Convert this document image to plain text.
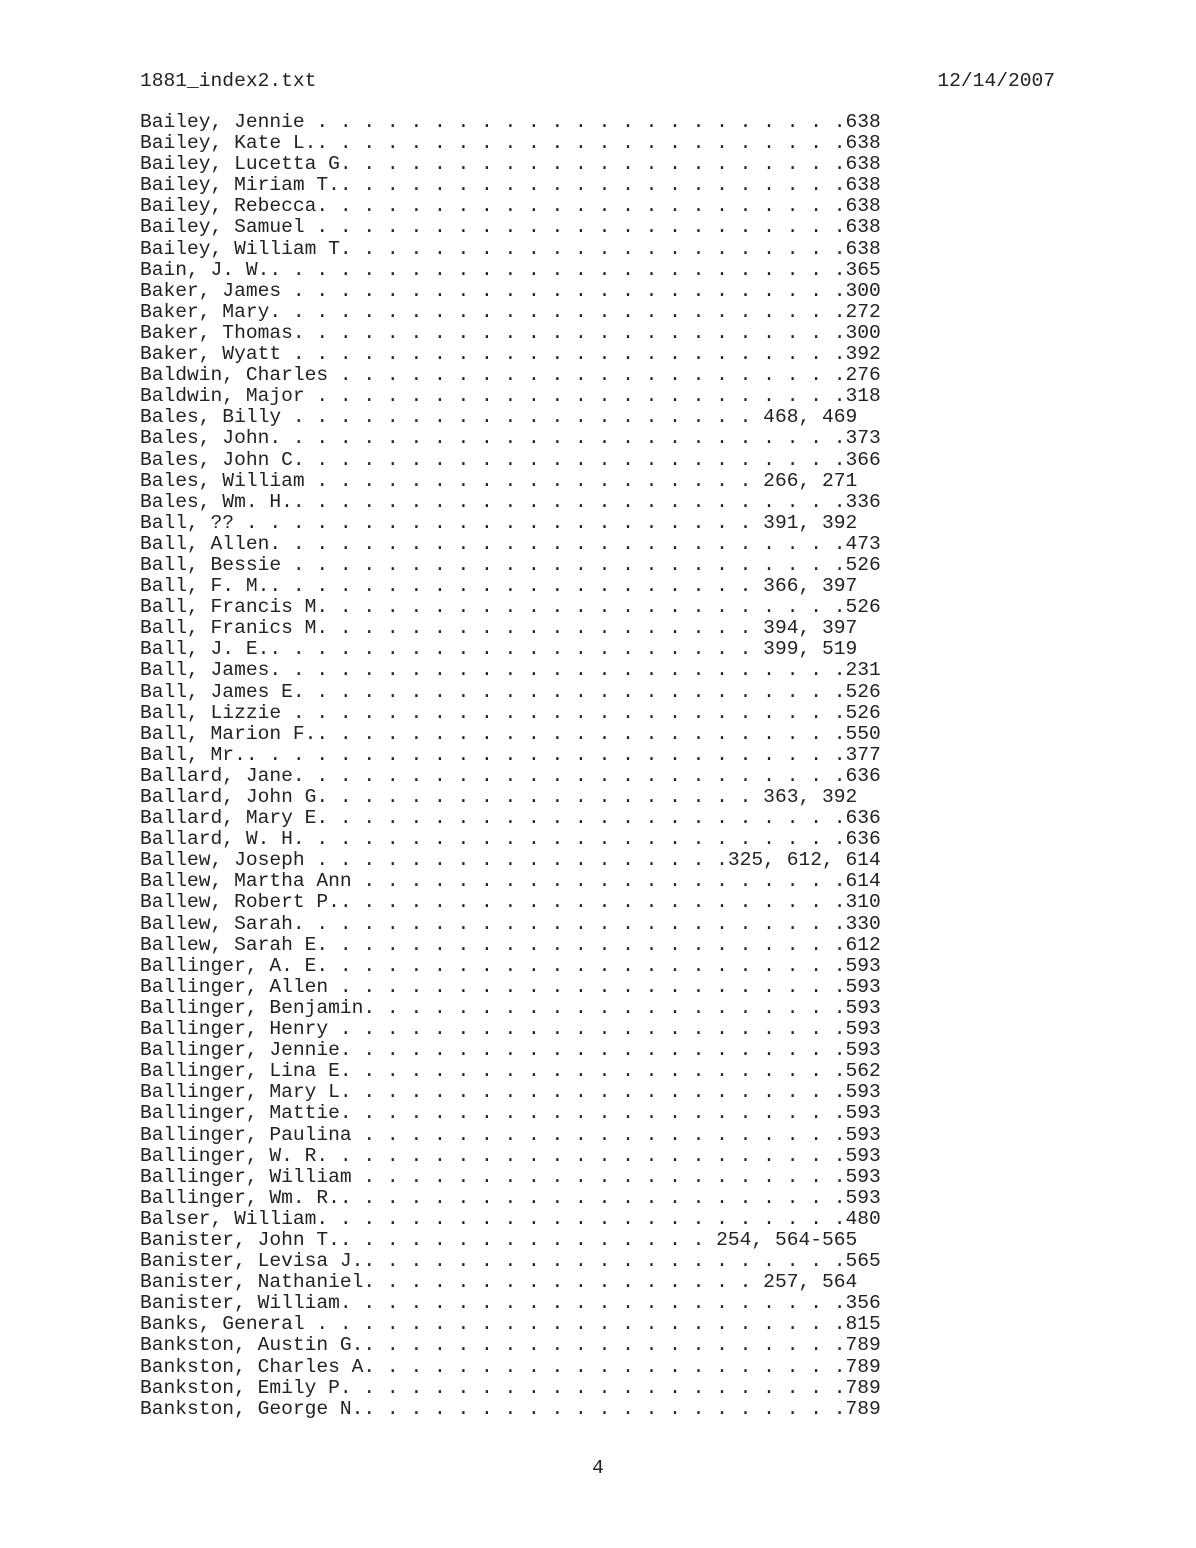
1881_index2.txt	12/14/2007
Bailey, Jennie . . . . . . . . . . . . . . . . . . . . . . .638
Bailey, Kate L.. . . . . . . . . . . . . . . . . . . . . . .638
Bailey, Lucetta G. . . . . . . . . . . . . . . . . . . . . .638
Bailey, Miriam T.. . . . . . . . . . . . . . . . . . . . . .638
Bailey, Rebecca. . . . . . . . . . . . . . . . . . . . . . .638
Bailey, Samuel . . . . . . . . . . . . . . . . . . . . . . .638
Bailey, William T. . . . . . . . . . . . . . . . . . . . . .638
Bain, J. W.. . . . . . . . . . . . . . . . . . . . . . . . .365
Baker, James . . . . . . . . . . . . . . . . . . . . . . . .300
Baker, Mary. . . . . . . . . . . . . . . . . . . . . . . . .272
Baker, Thomas. . . . . . . . . . . . . . . . . . . . . . . .300
Baker, Wyatt . . . . . . . . . . . . . . . . . . . . . . . .392
Baldwin, Charles . . . . . . . . . . . . . . . . . . . . . .276
Baldwin, Major . . . . . . . . . . . . . . . . . . . . . . .318
Bales, Billy . . . . . . . . . . . . . . . . . . . . 468, 469
Bales, John. . . . . . . . . . . . . . . . . . . . . . . . .373
Bales, John C. . . . . . . . . . . . . . . . . . . . . . . .366
Bales, William . . . . . . . . . . . . . . . . . . . 266, 271
Bales, Wm. H.. . . . . . . . . . . . . . . . . . . . . . . .336
Ball, ?? . . . . . . . . . . . . . . . . . . . . . . 391, 392
Ball, Allen. . . . . . . . . . . . . . . . . . . . . . . . .473
Ball, Bessie . . . . . . . . . . . . . . . . . . . . . . . .526
Ball, F. M.. . . . . . . . . . . . . . . . . . . . . 366, 397
Ball, Francis M. . . . . . . . . . . . . . . . . . . . . . .526
Ball, Franics M. . . . . . . . . . . . . . . . . . . 394, 397
Ball, J. E.. . . . . . . . . . . . . . . . . . . . . 399, 519
Ball, James. . . . . . . . . . . . . . . . . . . . . . . . .231
Ball, James E. . . . . . . . . . . . . . . . . . . . . . . .526
Ball, Lizzie . . . . . . . . . . . . . . . . . . . . . . . .526
Ball, Marion F.. . . . . . . . . . . . . . . . . . . . . . .550
Ball, Mr.. . . . . . . . . . . . . . . . . . . . . . . . . .377
Ballard, Jane. . . . . . . . . . . . . . . . . . . . . . . .636
Ballard, John G. . . . . . . . . . . . . . . . . . . 363, 392
Ballard, Mary E. . . . . . . . . . . . . . . . . . . . . . .636
Ballard, W. H. . . . . . . . . . . . . . . . . . . . . . . .636
Ballew, Joseph . . . . . . . . . . . . . . . . . .325, 612, 614
Ballew, Martha Ann . . . . . . . . . . . . . . . . . . . . .614
Ballew, Robert P.. . . . . . . . . . . . . . . . . . . . . .310
Ballew, Sarah. . . . . . . . . . . . . . . . . . . . . . . .330
Ballew, Sarah E. . . . . . . . . . . . . . . . . . . . . . .612
Ballinger, A. E. . . . . . . . . . . . . . . . . . . . . . .593
Ballinger, Allen . . . . . . . . . . . . . . . . . . . . . .593
Ballinger, Benjamin. . . . . . . . . . . . . . . . . . . . .593
Ballinger, Henry . . . . . . . . . . . . . . . . . . . . . .593
Ballinger, Jennie. . . . . . . . . . . . . . . . . . . . . .593
Ballinger, Lina E. . . . . . . . . . . . . . . . . . . . . .562
Ballinger, Mary L. . . . . . . . . . . . . . . . . . . . . .593
Ballinger, Mattie. . . . . . . . . . . . . . . . . . . . . .593
Ballinger, Paulina . . . . . . . . . . . . . . . . . . . . .593
Ballinger, W. R. . . . . . . . . . . . . . . . . . . . . . .593
Ballinger, William . . . . . . . . . . . . . . . . . . . . .593
Ballinger, Wm. R.. . . . . . . . . . . . . . . . . . . . . .593
Balser, William. . . . . . . . . . . . . . . . . . . . . . .480
Banister, John T.. . . . . . . . . . . . . . . . 254, 564-565
Banister, Levisa J.. . . . . . . . . . . . . . . . . . . . .565
Banister, Nathaniel. . . . . . . . . . . . . . . . . 257, 564
Banister, William. . . . . . . . . . . . . . . . . . . . . .356
Banks, General . . . . . . . . . . . . . . . . . . . . . . .815
Bankston, Austin G.. . . . . . . . . . . . . . . . . . . . .789
Bankston, Charles A. . . . . . . . . . . . . . . . . . . . .789
Bankston, Emily P. . . . . . . . . . . . . . . . . . . . . .789
Bankston, George N.. . . . . . . . . . . . . . . . . . . . .789
4
